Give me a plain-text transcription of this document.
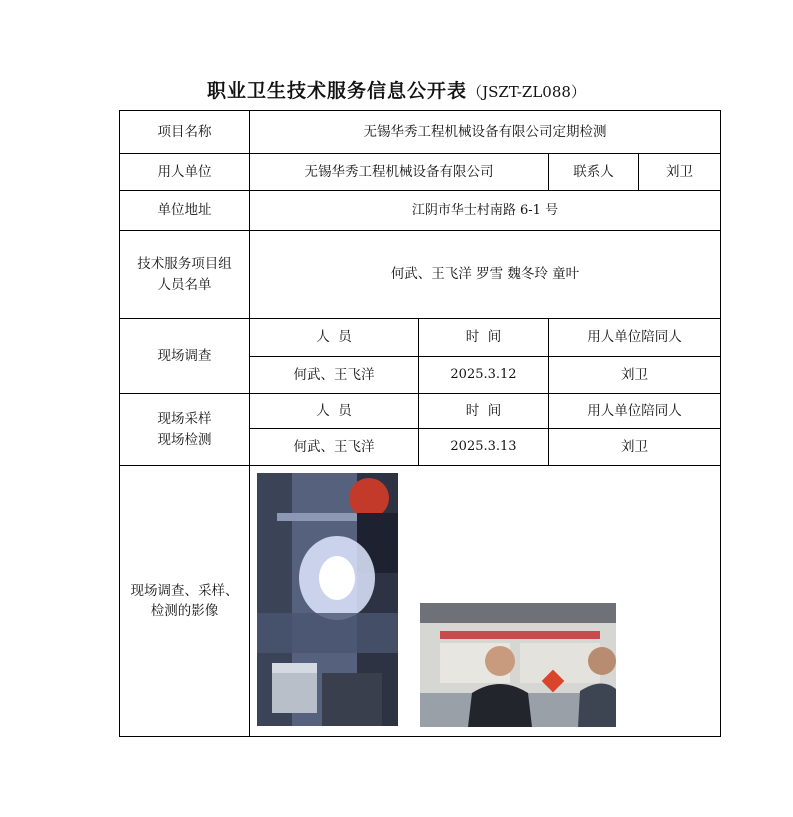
职业卫生技术服务信息公开表（JSZT-ZL088）
项目名称	无锡华秀工程机械设备有限公司定期检测			
用人单位	无锡华秀工程机械设备有限公司		联系人	刘卫
单位地址	江阴市华士村南路 6-1 号			

技术服务项目组
人员名单	何武、王飞洋 罗雪 魏冬玲 童叶			
现场调查	人  员	时  间	用人单位陪同人	
	何武、王飞洋	2025.3.12	刘卫	

现场采样
现场检测	人  员	时  间	用人单位陪同人	
	何武、王飞洋	2025.3.13	刘卫	

现场调查、采样、
检测的影像
